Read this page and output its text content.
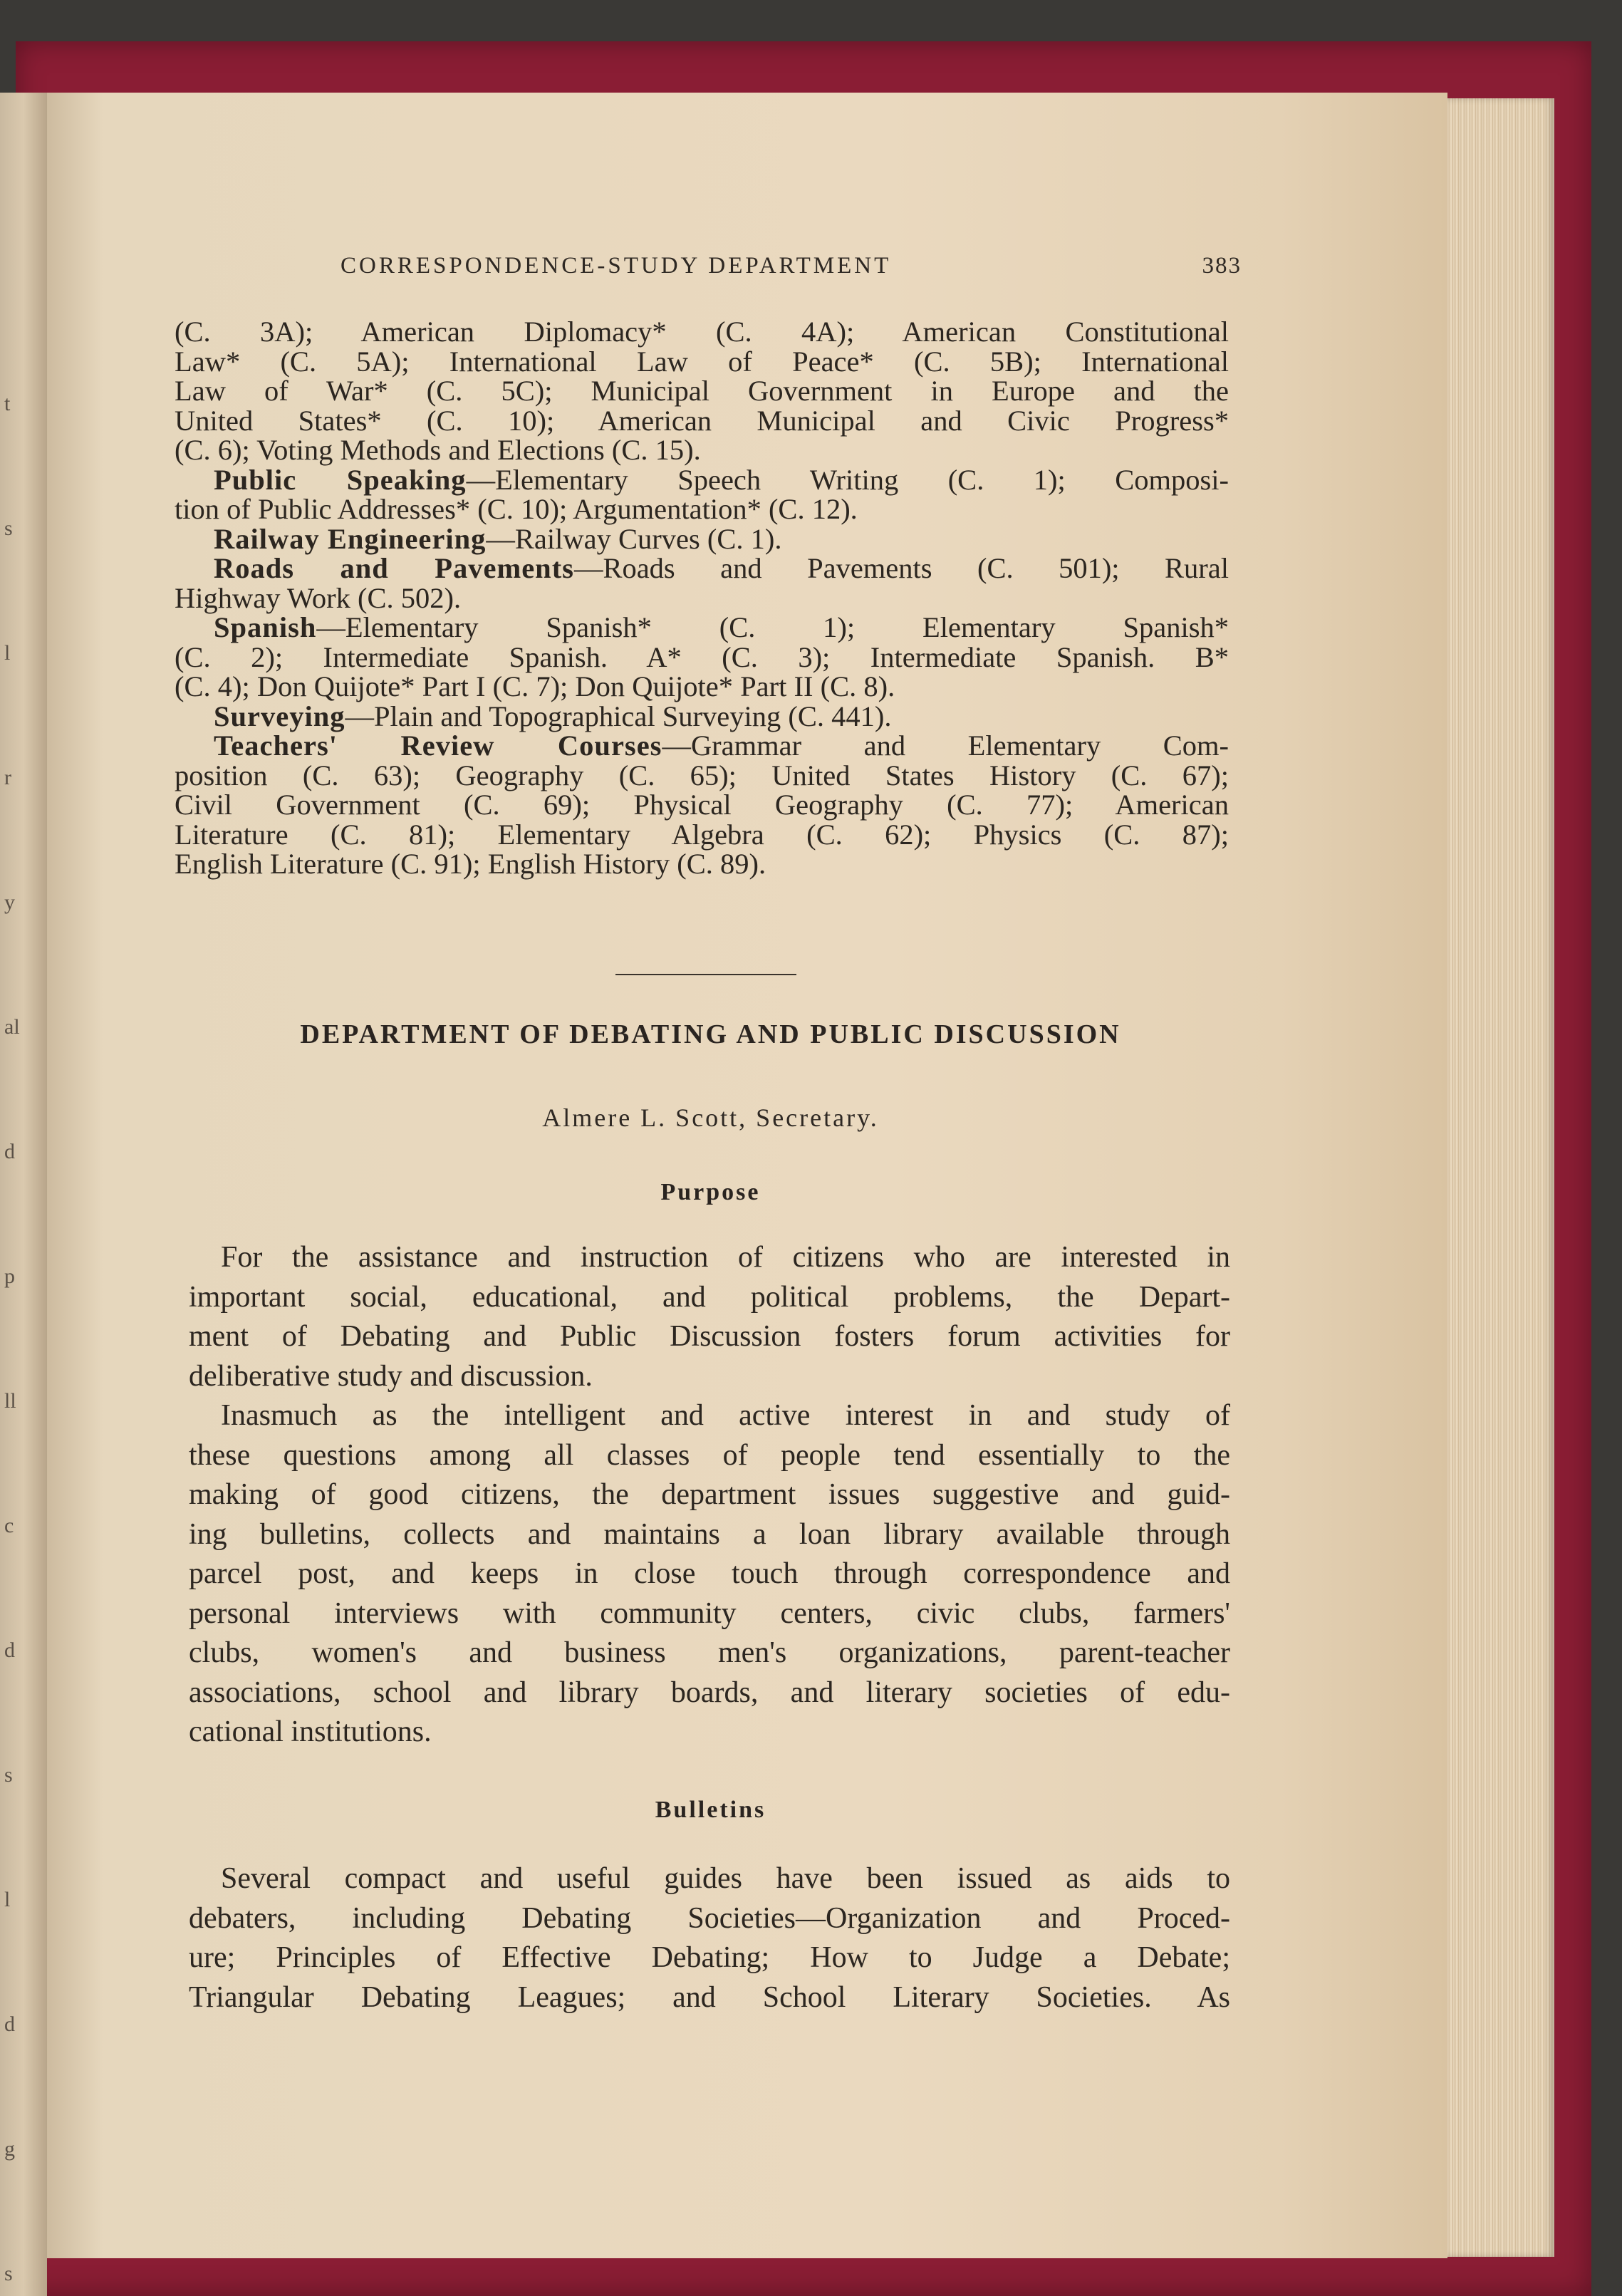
t
s
l
r
y
al
d
p
ll
c
d
s
l
d
g
s
CORRESPONDENCE-STUDY DEPARTMENT	383
(C. 3A); American Diplomacy* (C. 4A); American Constitutional
Law* (C. 5A); International Law of Peace* (C. 5B); International
Law of War* (C. 5C); Municipal Government in Europe and the
United States* (C. 10); American Municipal and Civic Progress*
(C. 6); Voting Methods and Elections (C. 15).
Public Speaking—Elementary Speech Writing (C. 1); Composi-
tion of Public Addresses* (C. 10); Argumentation* (C. 12).
Railway Engineering—Railway Curves (C. 1).
Roads and Pavements—Roads and Pavements (C. 501); Rural
Highway Work (C. 502).
Spanish—Elementary Spanish* (C. 1); Elementary Spanish*
(C. 2); Intermediate Spanish. A* (C. 3); Intermediate Spanish. B*
(C. 4); Don Quijote* Part I (C. 7); Don Quijote* Part II (C. 8).
Surveying—Plain and Topographical Surveying (C. 441).
Teachers' Review Courses—Grammar and Elementary Com-
position (C. 63); Geography (C. 65); United States History (C. 67);
Civil Government (C. 69); Physical Geography (C. 77); American
Literature (C. 81); Elementary Algebra (C. 62); Physics (C. 87);
English Literature (C. 91); English History (C. 89).
DEPARTMENT OF DEBATING AND PUBLIC DISCUSSION
Almere L. Scott, Secretary.
Purpose
For the assistance and instruction of citizens who are interested in
important social, educational, and political problems, the Depart-
ment of Debating and Public Discussion fosters forum activities for
deliberative study and discussion.
Inasmuch as the intelligent and active interest in and study of
these questions among all classes of people tend essentially to the
making of good citizens, the department issues suggestive and guid-
ing bulletins, collects and maintains a loan library available through
parcel post, and keeps in close touch through correspondence and
personal interviews with community centers, civic clubs, farmers'
clubs, women's and business men's organizations, parent-teacher
associations, school and library boards, and literary societies of edu-
cational institutions.
Bulletins
Several compact and useful guides have been issued as aids to
debaters, including Debating Societies—Organization and Proced-
ure; Principles of Effective Debating; How to Judge a Debate;
Triangular Debating Leagues; and School Literary Societies. As
